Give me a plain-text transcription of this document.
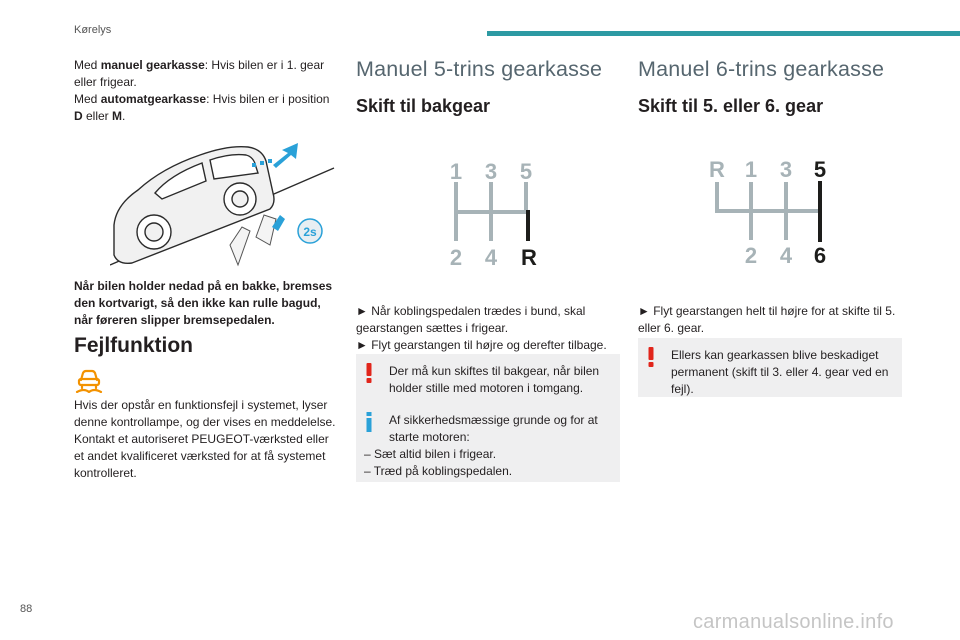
Kørelys

Med manuel gearkasse: Hvis bilen er i 1. gear eller frigear.

Med automatgearkasse: Hvis bilen er i position D eller M.

2s

Når bilen holder nedad på en bakke, bremses den kortvarigt, så den ikke kan rulle bagud, når føreren slipper bremsepedalen.

Fejlfunktion

Hvis der opstår en funktionsfejl i systemet, lyser denne kontrollampe, og der vises en meddelelse. Kontakt et autoriseret PEUGEOT-værksted eller et andet kvalificeret værksted for at få systemet kontrolleret.

Manuel 5-trins gearkasse
Skift til bakgear
1 3 5
2 4 R

► Når koblingspedalen trædes i bund, skal gearstangen sættes i frigear.

► Flyt gearstangen til højre og derefter tilbage.

Der må kun skiftes til bakgear, når bilen holder stille med motoren i tomgang.
Af sikkerhedsmæssige grunde og for at starte motoren:
– Sæt altid bilen i frigear.
– Træd på koblingspedalen.
Manuel 6-trins gearkasse
Skift til 5. eller 6. gear
R 1 3 5
2 4 6

► Flyt gearstangen helt til højre for at skifte til 5. eller 6. gear.

Ellers kan gearkassen blive beskadiget permanent (skift til 3. eller 4. gear ved en fejl).
88
carmanualsonline.info
